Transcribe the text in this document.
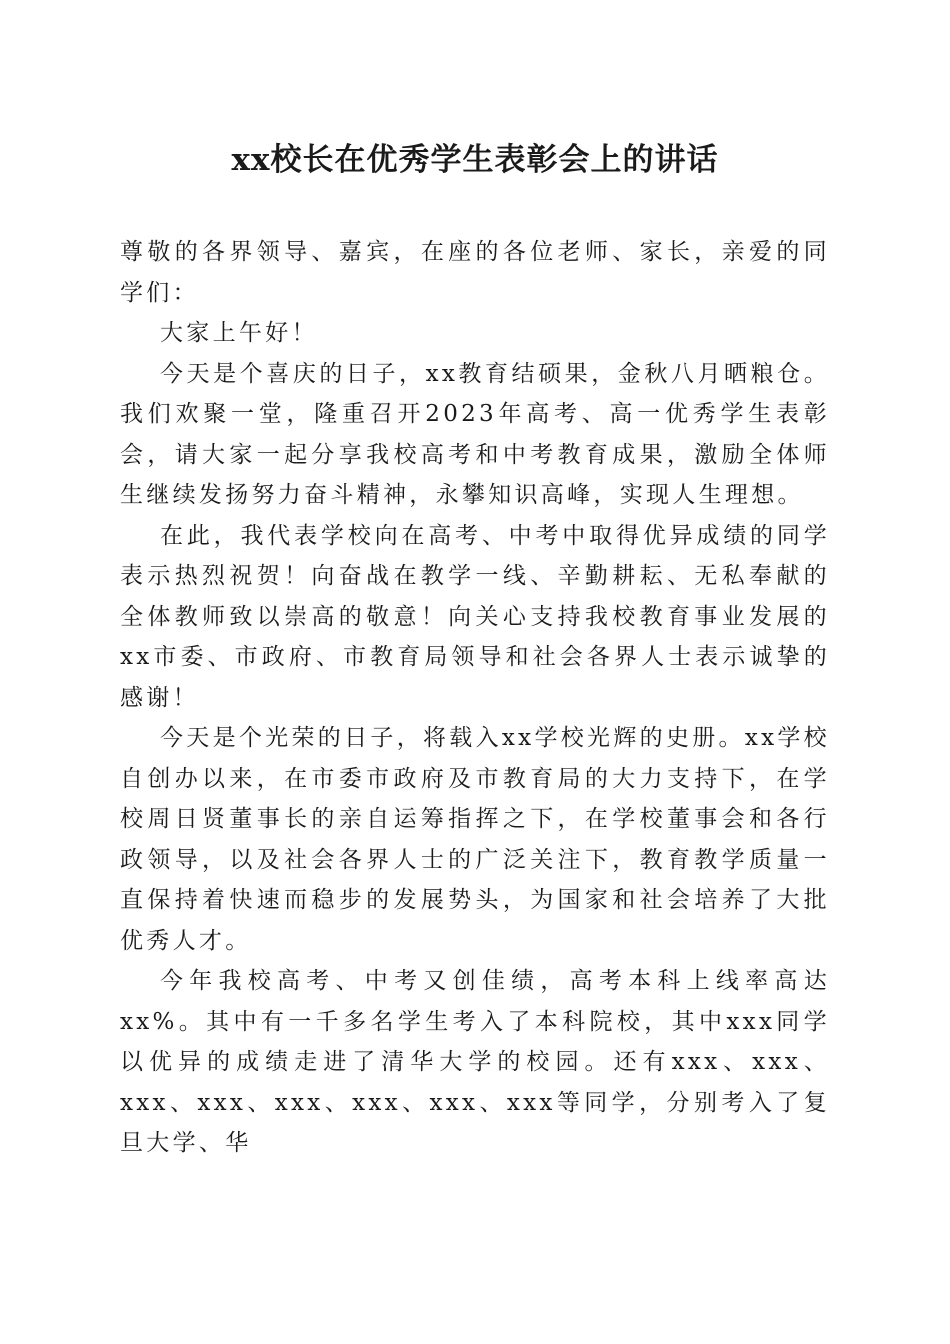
xx校长在优秀学生表彰会上的讲话

尊敬的各界领导、嘉宾，在座的各位老师、家长，亲爱的同学们：

大家上午好！

今天是个喜庆的日子，xx教育结硕果，金秋八月晒粮仓。我们欢聚一堂，隆重召开2023年高考、高一优秀学生表彰会，请大家一起分享我校高考和中考教育成果，激励全体师生继续发扬努力奋斗精神，永攀知识高峰，实现人生理想。

在此，我代表学校向在高考、中考中取得优异成绩的同学表示热烈祝贺！向奋战在教学一线、辛勤耕耘、无私奉献的全体教师致以崇高的敬意！向关心支持我校教育事业发展的xx市委、市政府、市教育局领导和社会各界人士表示诚挚的感谢！

今天是个光荣的日子，将载入xx学校光辉的史册。xx学校自创办以来，在市委市政府及市教育局的大力支持下，在学校周日贤董事长的亲自运筹指挥之下，在学校董事会和各行政领导，以及社会各界人士的广泛关注下，教育教学质量一直保持着快速而稳步的发展势头，为国家和社会培养了大批优秀人才。

今年我校高考、中考又创佳绩，高考本科上线率高达xx%。其中有一千多名学生考入了本科院校，其中xxx同学以优异的成绩走进了清华大学的校园。还有xxx、xxx、xxx、xxx、xxx、xxx、xxx、xxx等同学，分别考入了复旦大学、华
